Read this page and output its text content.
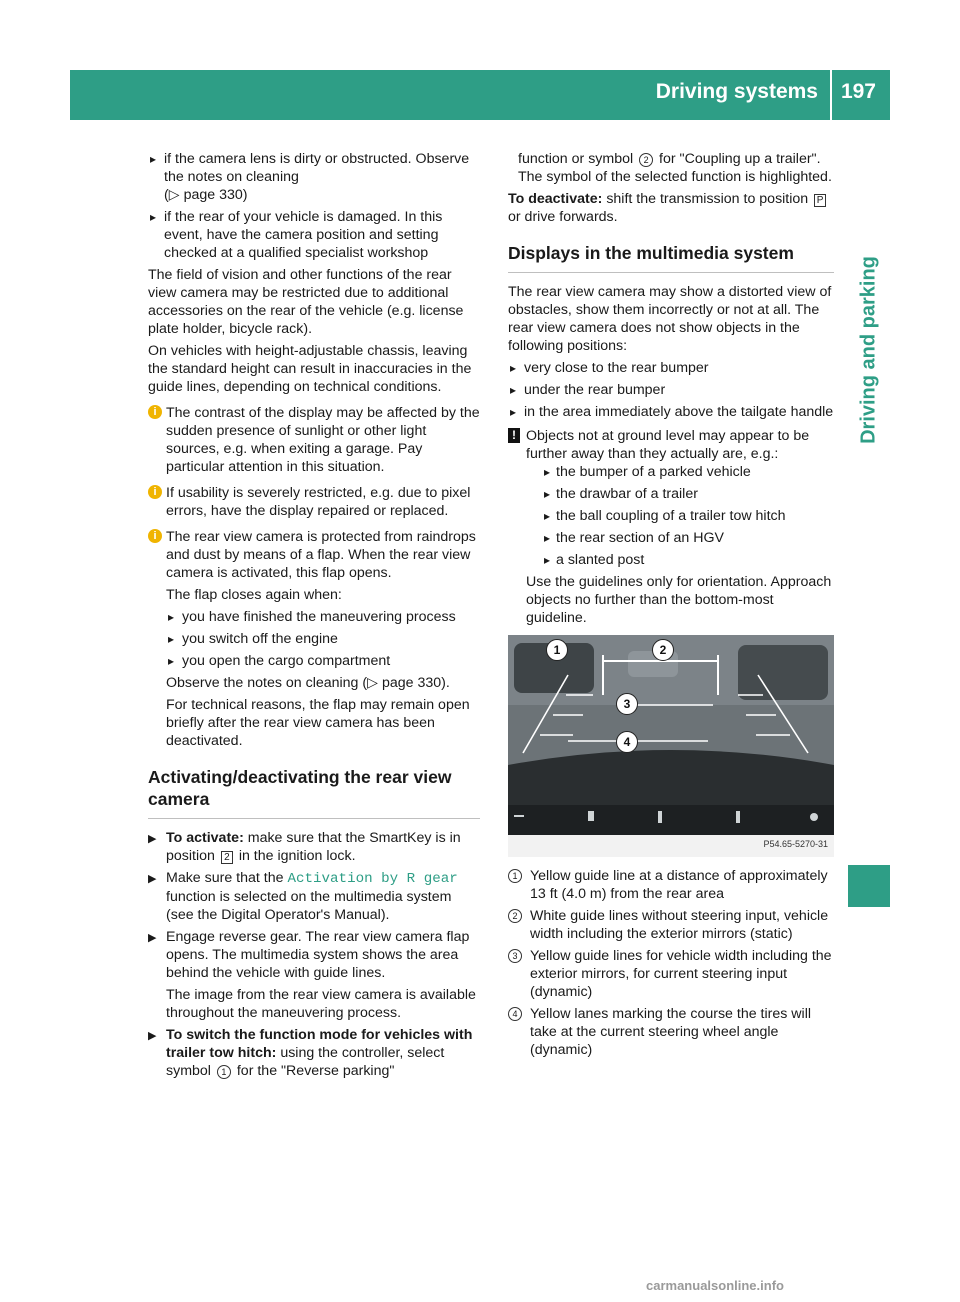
Driving systems 197
Driving and parking
▸ if the camera lens is dirty or obstructed. Observe the notes on cleaning
(▷ page 330)
▸ if the rear of your vehicle is damaged. In this event, have the camera position and setting checked at a qualified specialist workshop

The field of vision and other functions of the rear view camera may be restricted due to additional accessories on the rear of the vehicle (e.g. license plate holder, bicycle rack).

On vehicles with height-adjustable chassis, leaving the standard height can result in inaccuracies in the guide lines, depending on technical conditions.

i The contrast of the display may be affected by the sudden presence of sunlight or other light sources, e.g. when exiting a garage. Pay particular attention in this situation.
i If usability is severely restricted, e.g. due to pixel errors, have the display repaired or replaced.
i The rear view camera is protected from raindrops and dust by means of a flap. When the rear view camera is activated, this flap opens.

The flap closes again when:

▸ you have finished the maneuvering process
▸ you switch off the engine
▸ you open the cargo compartment

Observe the notes on cleaning (▷ page 330).

For technical reasons, the flap may remain open briefly after the rear view camera has been deactivated.

Activating/deactivating the rear view camera
▶ To activate: make sure that the SmartKey is in position 2 in the ignition lock.
▶ Make sure that the Activation by R gear function is selected on the multimedia system (see the Digital Operator's Manual).
▶ Engage reverse gear. The rear view camera flap opens. The multimedia system shows the area behind the vehicle with guide lines.

The image from the rear view camera is available throughout the maneuvering process.

▶ To switch the function mode for vehicles with trailer tow hitch: using the controller, select symbol 1 for the "Reverse parking"

function or symbol 2 for "Coupling up a trailer". The symbol of the selected function is highlighted.

To deactivate: shift the transmission to position P or drive forwards.

Displays in the multimedia system

The rear view camera may show a distorted view of obstacles, show them incorrectly or not at all. The rear view camera does not show objects in the following positions:

▸ very close to the rear bumper
▸ under the rear bumper
▸ in the area immediately above the tailgate handle
! Objects not at ground level may appear to be further away than they actually are, e.g.:
▸ the bumper of a parked vehicle
▸ the drawbar of a trailer
▸ the ball coupling of a trailer tow hitch
▸ the rear section of an HGV
▸ a slanted post

Use the guidelines only for orientation. Approach objects no further than the bottom-most guideline.

1	2
3
4
P54.65-5270-31
1 Yellow guide line at a distance of approximately 13 ft (4.0 m) from the rear area
2 White guide lines without steering input, vehicle width including the exterior mirrors (static)
3 Yellow guide lines for vehicle width including the exterior mirrors, for current steering input (dynamic)
4 Yellow lanes marking the course the tires will take at the current steering wheel angle (dynamic)
carmanualsonline.info
